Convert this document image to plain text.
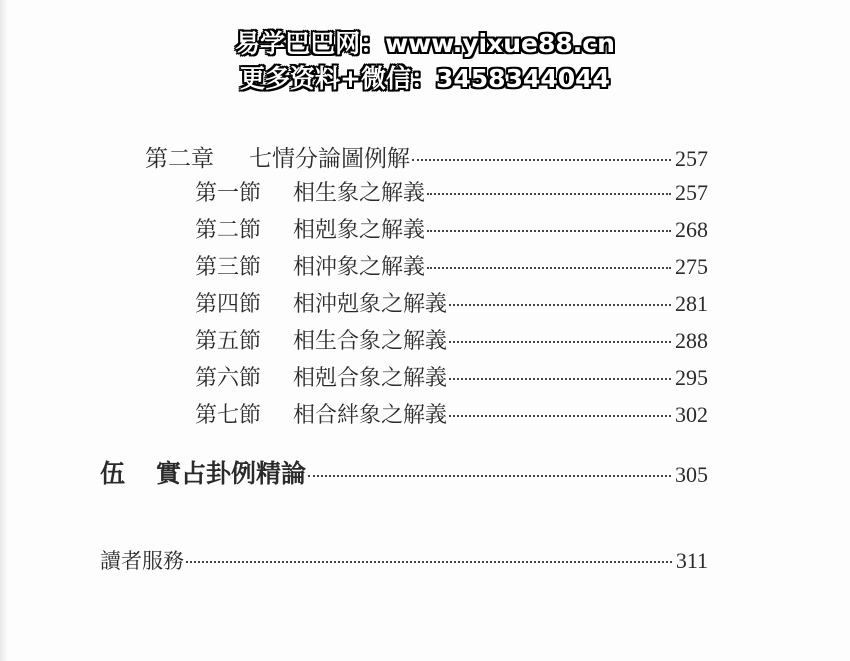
易学巴巴网：www.yixue88.cn
更多资料+微信：3458344044
第二章 七情分論圖例解	257
第一節 相生象之解義	257
第二節 相剋象之解義	268
第三節 相沖象之解義	275
第四節 相沖剋象之解義	281
第五節 相生合象之解義	288
第六節 相剋合象之解義	295
第七節 相合絆象之解義	302
伍 實占卦例精論	305
讀者服務	311
